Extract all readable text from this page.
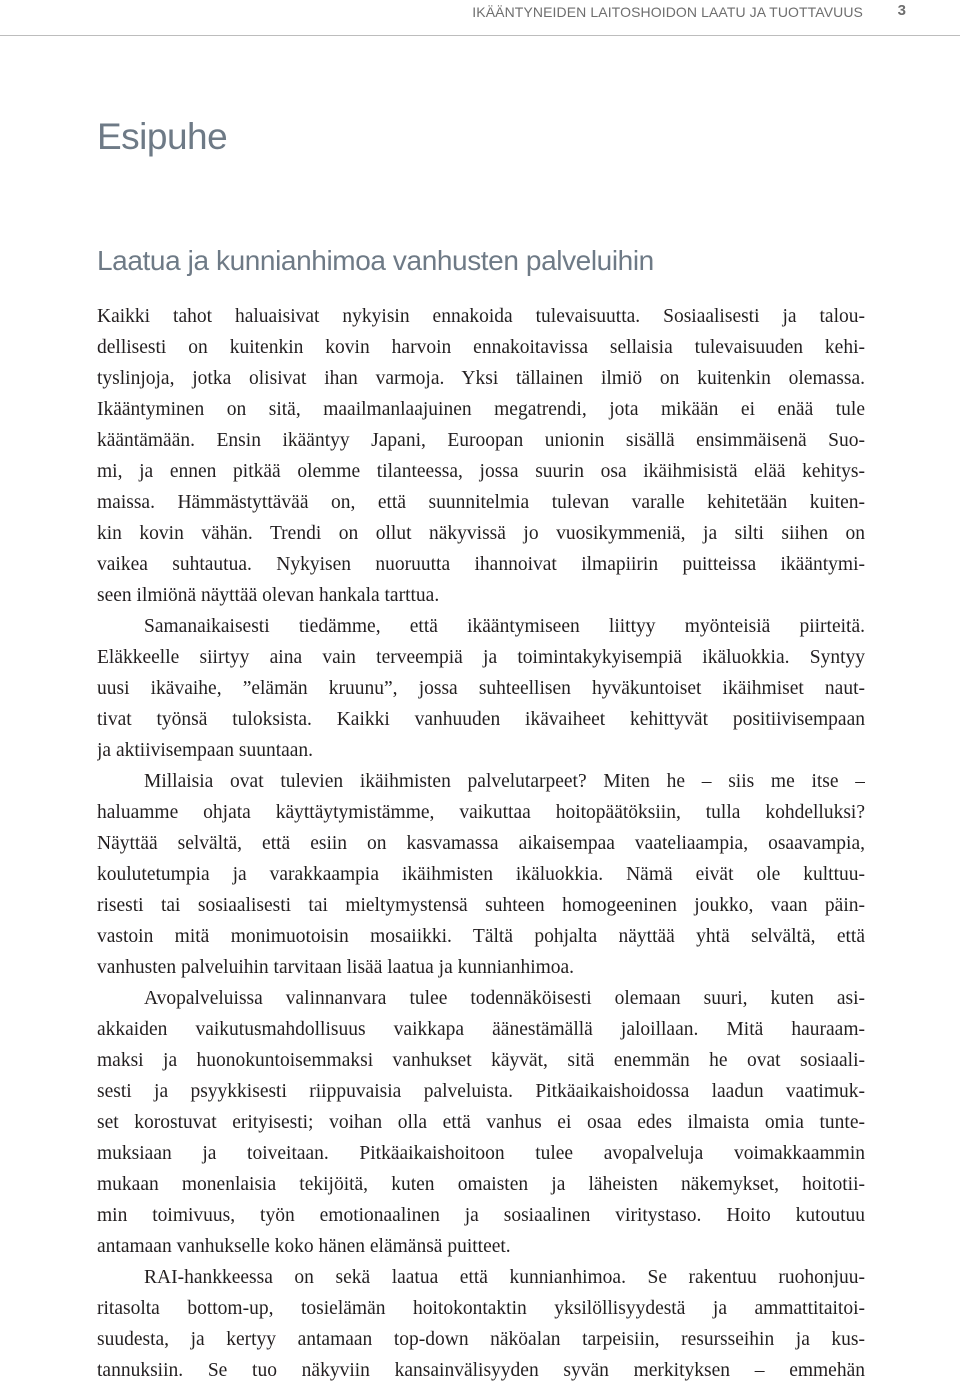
IKÄÄNTYNEIDEN LAITOSHOIDON LAATU JA TUOTTAVUUS 3
Esipuhe
Laatua ja kunnianhimoa vanhusten palveluihin
Kaikki tahot haluaisivat nykyisin ennakoida tulevaisuutta. Sosiaalisesti ja talou-
dellisesti on kuitenkin kovin harvoin ennakoitavissa sellaisia tulevaisuuden kehi-
tyslinjoja, jotka olisivat ihan varmoja. Yksi tällainen ilmiö on kuitenkin olemassa.
Ikääntyminen on sitä, maailmanlaajuinen megatrendi, jota mikään ei enää tule
kääntämään. Ensin ikääntyy Japani, Euroopan unionin sisällä ensimmäisenä Suo-
mi, ja ennen pitkää olemme tilanteessa, jossa suurin osa ikäihmisistä elää kehitys-
maissa. Hämmästyttävää on, että suunnitelmia tulevan varalle kehitetään kuiten-
kin kovin vähän. Trendi on ollut näkyvissä jo vuosikymmeniä, ja silti siihen on
vaikea suhtautua. Nykyisen nuoruutta ihannoivat ilmapiirin puitteissa ikääntymi-
seen ilmiönä näyttää olevan hankala tarttua.
Samanaikaisesti tiedämme, että ikääntymiseen liittyy myönteisiä piirteitä.
Eläkkeelle siirtyy aina vain terveempiä ja toimintakykyisempiä ikäluokkia. Syntyy
uusi ikävaihe, ”elämän kruunu”, jossa suhteellisen hyväkuntoiset ikäihmiset naut-
tivat työnsä tuloksista. Kaikki vanhuuden ikävaiheet kehittyvät positiivisempaan
ja aktiivisempaan suuntaan.
Millaisia ovat tulevien ikäihmisten palvelutarpeet? Miten he – siis me itse –
haluamme ohjata käyttäytymistämme, vaikuttaa hoitopäätöksiin, tulla kohdelluksi?
Näyttää selvältä, että esiin on kasvamassa aikaisempaa vaateliaampia, osaavampia,
koulutetumpia ja varakkaampia ikäihmisten ikäluokkia. Nämä eivät ole kulttuu-
risesti tai sosiaalisesti tai mieltymystensä suhteen homogeeninen joukko, vaan päin-
vastoin mitä monimuotoisin mosaiikki. Tältä pohjalta näyttää yhtä selvältä, että
vanhusten palveluihin tarvitaan lisää laatua ja kunnianhimoa.
Avopalveluissa valinnanvara tulee todennäköisesti olemaan suuri, kuten asi-
akkaiden vaikutusmahdollisuus vaikkapa äänestämällä jaloillaan. Mitä hauraam-
maksi ja huonokuntoisemmaksi vanhukset käyvät, sitä enemmän he ovat sosiaali-
sesti ja psyykkisesti riippuvaisia palveluista. Pitkäaikaishoidossa laadun vaatimuk-
set korostuvat erityisesti; voihan olla että vanhus ei osaa edes ilmaista omia tunte-
muksiaan ja toiveitaan. Pitkäaikaishoitoon tulee avopalveluja voimakkaammin
mukaan monenlaisia tekijöitä, kuten omaisten ja läheisten näkemykset, hoitotii-
min toimivuus, työn emotionaalinen ja sosiaalinen viritystaso. Hoito kutoutuu
antamaan vanhukselle koko hänen elämänsä puitteet.
RAI-hankkeessa on sekä laatua että kunnianhimoa. Se rakentuu ruohonjuu-
ritasolta bottom-up, tosielämän hoitokontaktin yksilöllisyydestä ja ammattitaitoi-
suudesta, ja kertyy antamaan top-down näköalan tarpeisiin, resursseihin ja kus-
tannuksiin. Se tuo näkyviin kansainvälisyyden syvän merkityksen – emmehän
